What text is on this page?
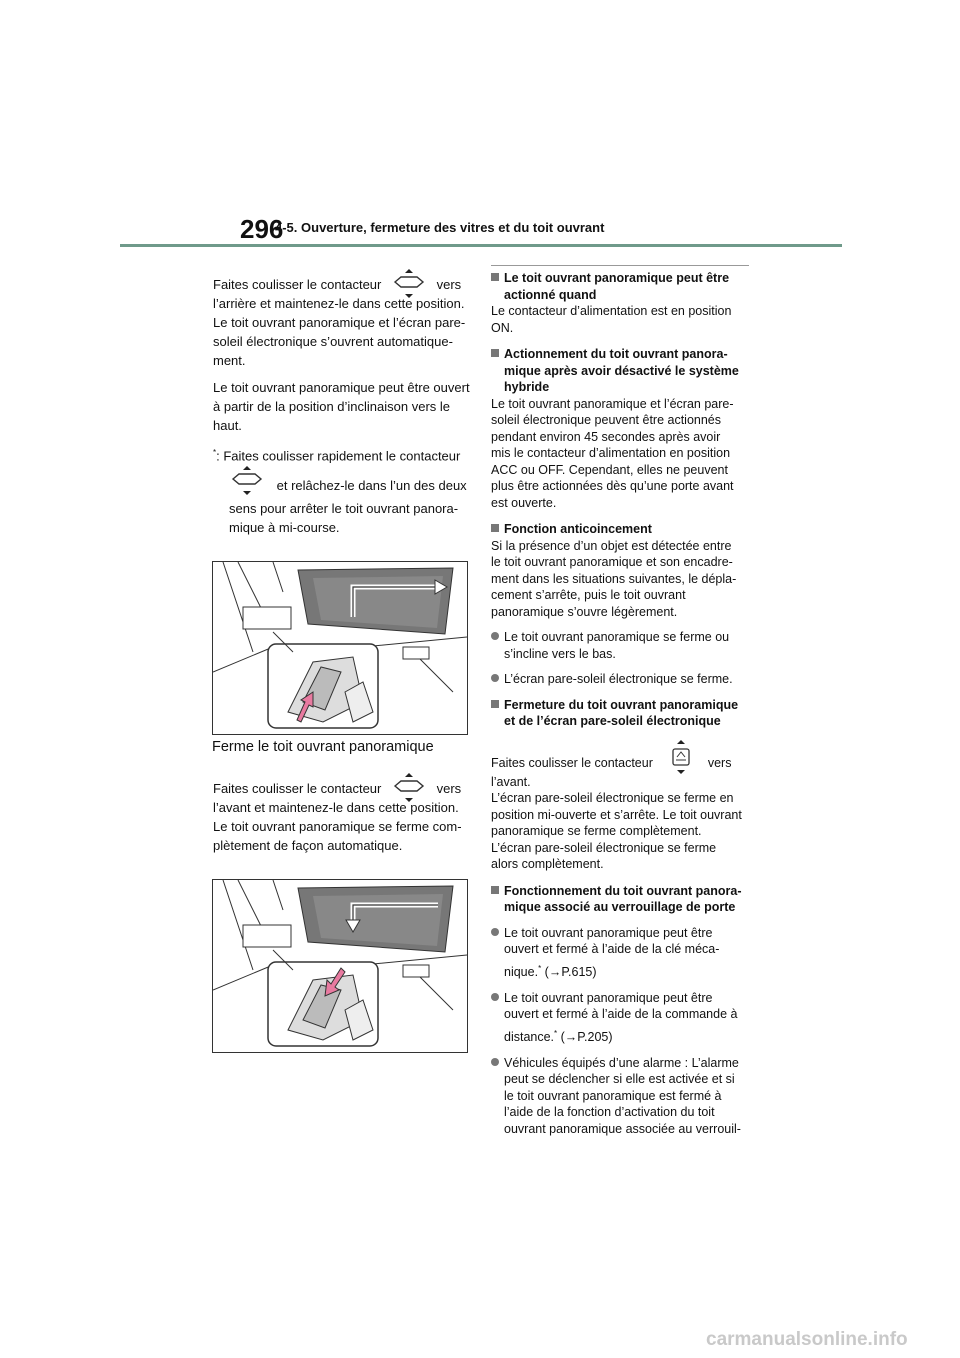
296
4-5. Ouverture, fermeture des vitres et du toit ouvrant

Faites coulisser le contacteur	vers

l’arrière et maintenez-le dans cette position.

Le toit ouvrant panoramique et l’écran pare-

soleil électronique s’ouvrent automatique-

ment.

Le toit ouvrant panoramique peut être ouvert

à partir de la position d’inclinaison vers le

haut.

*: Faites coulisser rapidement le contacteur

et relâchez-le dans l’un des deux

sens pour arrêter le toit ouvrant panora-

mique à mi-course.

Ferme le toit ouvrant panoramique

Faites coulisser le contacteur	vers

l’avant et maintenez-le dans cette position.

Le toit ouvrant panoramique se ferme com-

plètement de façon automatique.

Le toit ouvrant panoramique peut être

actionné quand

Le contacteur d’alimentation est en position

ON.

Actionnement du toit ouvrant panora-

mique après avoir désactivé le système

hybride

Le toit ouvrant panoramique et l’écran pare-

soleil électronique peuvent être actionnés

pendant environ 45 secondes après avoir

mis le contacteur d’alimentation en position

ACC ou OFF. Cependant, elles ne peuvent

plus être actionnées dès qu’une porte avant

est ouverte.

Fonction anticoincement

Si la présence d’un objet est détectée entre

le toit ouvrant panoramique et son encadre-

ment dans les situations suivantes, le dépla-

cement s’arrête, puis le toit ouvrant

panoramique s’ouvre légèrement.

Le toit ouvrant panoramique se ferme ou

s’incline vers le bas.

L’écran pare-soleil électronique se ferme.

Fermeture du toit ouvrant panoramique

et de l’écran pare-soleil électronique

Faites coulisser le contacteur	vers

l’avant.

L’écran pare-soleil électronique se ferme en

position mi-ouverte et s’arrête. Le toit ouvrant

panoramique se ferme complètement.

L’écran pare-soleil électronique se ferme

alors complètement.

Fonctionnement du toit ouvrant panora-

mique associé au verrouillage de porte

Le toit ouvrant panoramique peut être

ouvert et fermé à l’aide de la clé méca-

nique.* (→P.615)

Le toit ouvrant panoramique peut être

ouvert et fermé à l’aide de la commande à

distance.* (→P.205)

Véhicules équipés d’une alarme : L’alarme

peut se déclencher si elle est activée et si

le toit ouvrant panoramique est fermé à

l’aide de la fonction d’activation du toit

ouvrant panoramique associée au verrouil-

carmanualsonline.info
